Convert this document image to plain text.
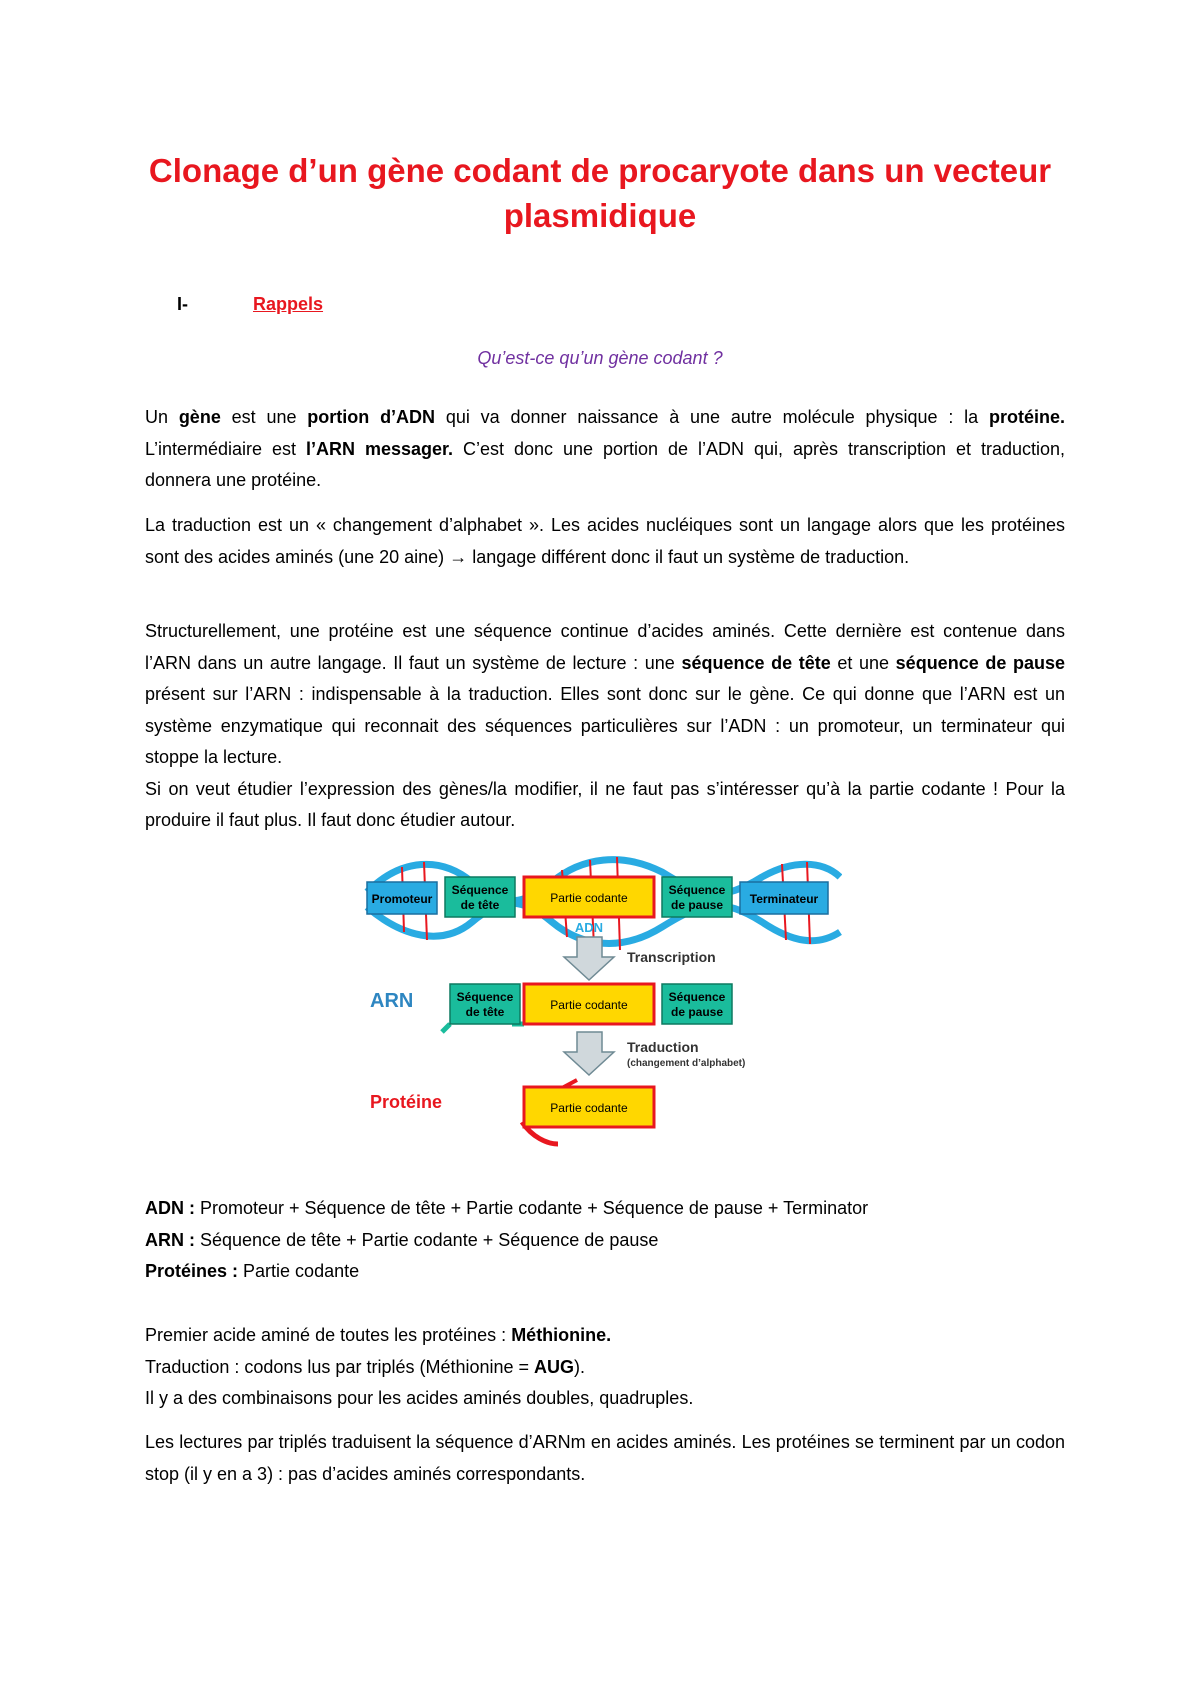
Clonage d’un gène codant de procaryote dans un vecteur
plasmidique
I-	Rappels
Qu’est-ce qu’un gène codant ?

Un gène est une portion d’ADN qui va donner naissance à une autre molécule physique : la protéine. L’intermédiaire est l’ARN messager. C’est donc une portion de l’ADN qui, après transcription et traduction, donnera une protéine.

La traduction est un « changement d’alphabet ». Les acides nucléiques sont un langage alors que les protéines sont des acides aminés (une 20 aine) → langage différent donc il faut un système de traduction.

Structurellement, une protéine est une séquence continue d’acides aminés. Cette dernière est contenue dans l’ARN dans un autre langage. Il faut un système de lecture : une séquence de tête et une séquence de pause présent sur l’ARN : indispensable à la traduction. Elles sont donc sur le gène. Ce qui donne que l’ARN est un système enzymatique qui reconnait des séquences particulières sur l’ADN : un promoteur, un terminateur qui stoppe la lecture.

Si on veut étudier l’expression des gènes/la modifier, il ne faut pas s’intéresser qu’à la partie codante ! Pour la produire il faut plus. Il faut donc étudier autour.

Promoteur
Séquence
de tête	Partie codante
Séquence
de pause Terminateur
ADN
Transcription
ARN	Séquence
de tête	Partie codante
Séquence
de pause
Traduction
(changement d’alphabet)
Protéine	Partie codante

ADN : Promoteur + Séquence de tête + Partie codante + Séquence de pause + Terminator

ARN : Séquence de tête + Partie codante + Séquence de pause

Protéines : Partie codante

Premier acide aminé de toutes les protéines : Méthionine.

Traduction : codons lus par triplés (Méthionine = AUG).

Il y a des combinaisons pour les acides aminés doubles, quadruples.

Les lectures par triplés traduisent la séquence d’ARNm en acides aminés. Les protéines se terminent par un codon stop (il y en a 3) : pas d’acides aminés correspondants.
